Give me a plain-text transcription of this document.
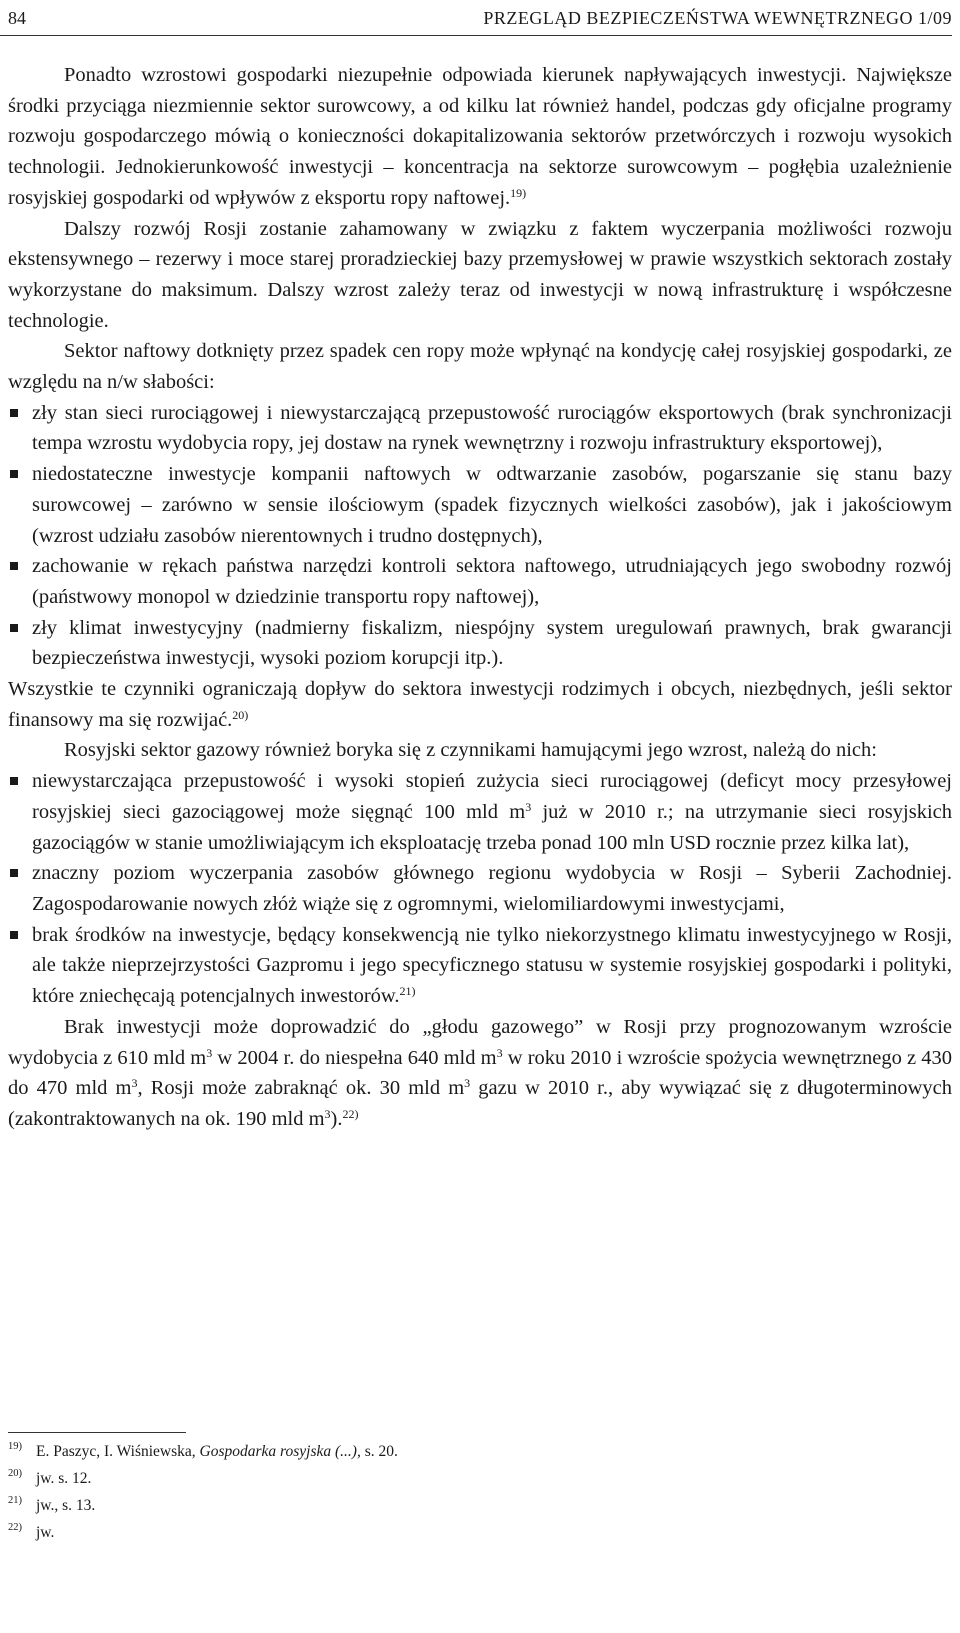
84	PRZEGLĄD BEZPIECZEŃSTWA WEWNĘTRZNEGO 1/09

Ponadto wzrostowi gospodarki niezupełnie odpowiada kierunek napływających inwestycji. Największe środki przyciąga niezmiennie sektor surowcowy, a od kilku lat również handel, podczas gdy oficjalne programy rozwoju gospodarczego mówią o konieczności dokapitalizowania sektorów przetwórczych i rozwoju wysokich technologii. Jednokierunkowość inwestycji – koncentracja na sektorze surowcowym – pogłębia uzależnienie rosyjskiej gospodarki od wpływów z eksportu ropy naftowej.$^{19)}$

Dalszy rozwój Rosji zostanie zahamowany w związku z faktem wyczerpania możliwości rozwoju ekstensywnego – rezerwy i moce starej proradzieckiej bazy przemysłowej w prawie wszystkich sektorach zostały wykorzystane do maksimum. Dalszy wzrost zależy teraz od inwestycji w nową infrastrukturę i współczesne technologie.

Sektor naftowy dotknięty przez spadek cen ropy może wpłynąć na kondycję całej rosyjskiej gospodarki, ze względu na n/w słabości:

zły stan sieci rurociągowej i niewystarczającą przepustowość rurociągów eksportowych (brak synchronizacji tempa wzrostu wydobycia ropy, jej dostaw na rynek wewnętrzny i rozwoju infrastruktury eksportowej),
niedostateczne inwestycje kompanii naftowych w odtwarzanie zasobów, pogarszanie się stanu bazy surowcowej – zarówno w sensie ilościowym (spadek fizycznych wielkości zasobów), jak i jakościowym (wzrost udziału zasobów nierentownych i trudno dostępnych),
zachowanie w rękach państwa narzędzi kontroli sektora naftowego, utrudniających jego swobodny rozwój (państwowy monopol w dziedzinie transportu ropy naftowej),
zły klimat inwestycyjny (nadmierny fiskalizm, niespójny system uregulowań prawnych, brak gwarancji bezpieczeństwa inwestycji, wysoki poziom korupcji itp.).

Wszystkie te czynniki ograniczają dopływ do sektora inwestycji rodzimych i obcych, niezbędnych, jeśli sektor finansowy ma się rozwijać.$^{20)}$

Rosyjski sektor gazowy również boryka się z czynnikami hamującymi jego wzrost, należą do nich:

niewystarczająca przepustowość i wysoki stopień zużycia sieci rurociągowej (deficyt mocy przesyłowej rosyjskiej sieci gazociągowej może sięgnąć 100 mld $m^3$ już w 2010 r.; na utrzymanie sieci rosyjskich gazociągów w stanie umożliwiającym ich eksploatację trzeba ponad 100 mln USD rocznie przez kilka lat),
znaczny poziom wyczerpania zasobów głównego regionu wydobycia w Rosji – Syberii Zachodniej. Zagospodarowanie nowych złóż wiąże się z ogromnymi, wielomiliardowymi inwestycjami,
brak środków na inwestycje, będący konsekwencją nie tylko niekorzystnego klimatu inwestycyjnego w Rosji, ale także nieprzejrzystości Gazpromu i jego specyficznego statusu w systemie rosyjskiej gospodarki i polityki, które zniechęcają potencjalnych inwestorów.$^{21)}$

Brak inwestycji może doprowadzić do „głodu gazowego” w Rosji przy prognozowanym wzroście wydobycia z 610 mld $m^3$ w 2004 r. do niespełna 640 mld $m^3$ w roku 2010 i wzroście spożycia wewnętrznego z 430 do 470 mld $m^3$, Rosji może zabraknąć ok. 30 mld $m^3$ gazu w 2010 r., aby wywiązać się z długoterminowych (zakontraktowanych na ok. 190 mld $m^3).^{22)}$

19) E. Paszyc, I. Wiśniewska, Gospodarka rosyjska (...), s. 20.
20) jw. s. 12.
21) jw., s. 13.
22) jw.
